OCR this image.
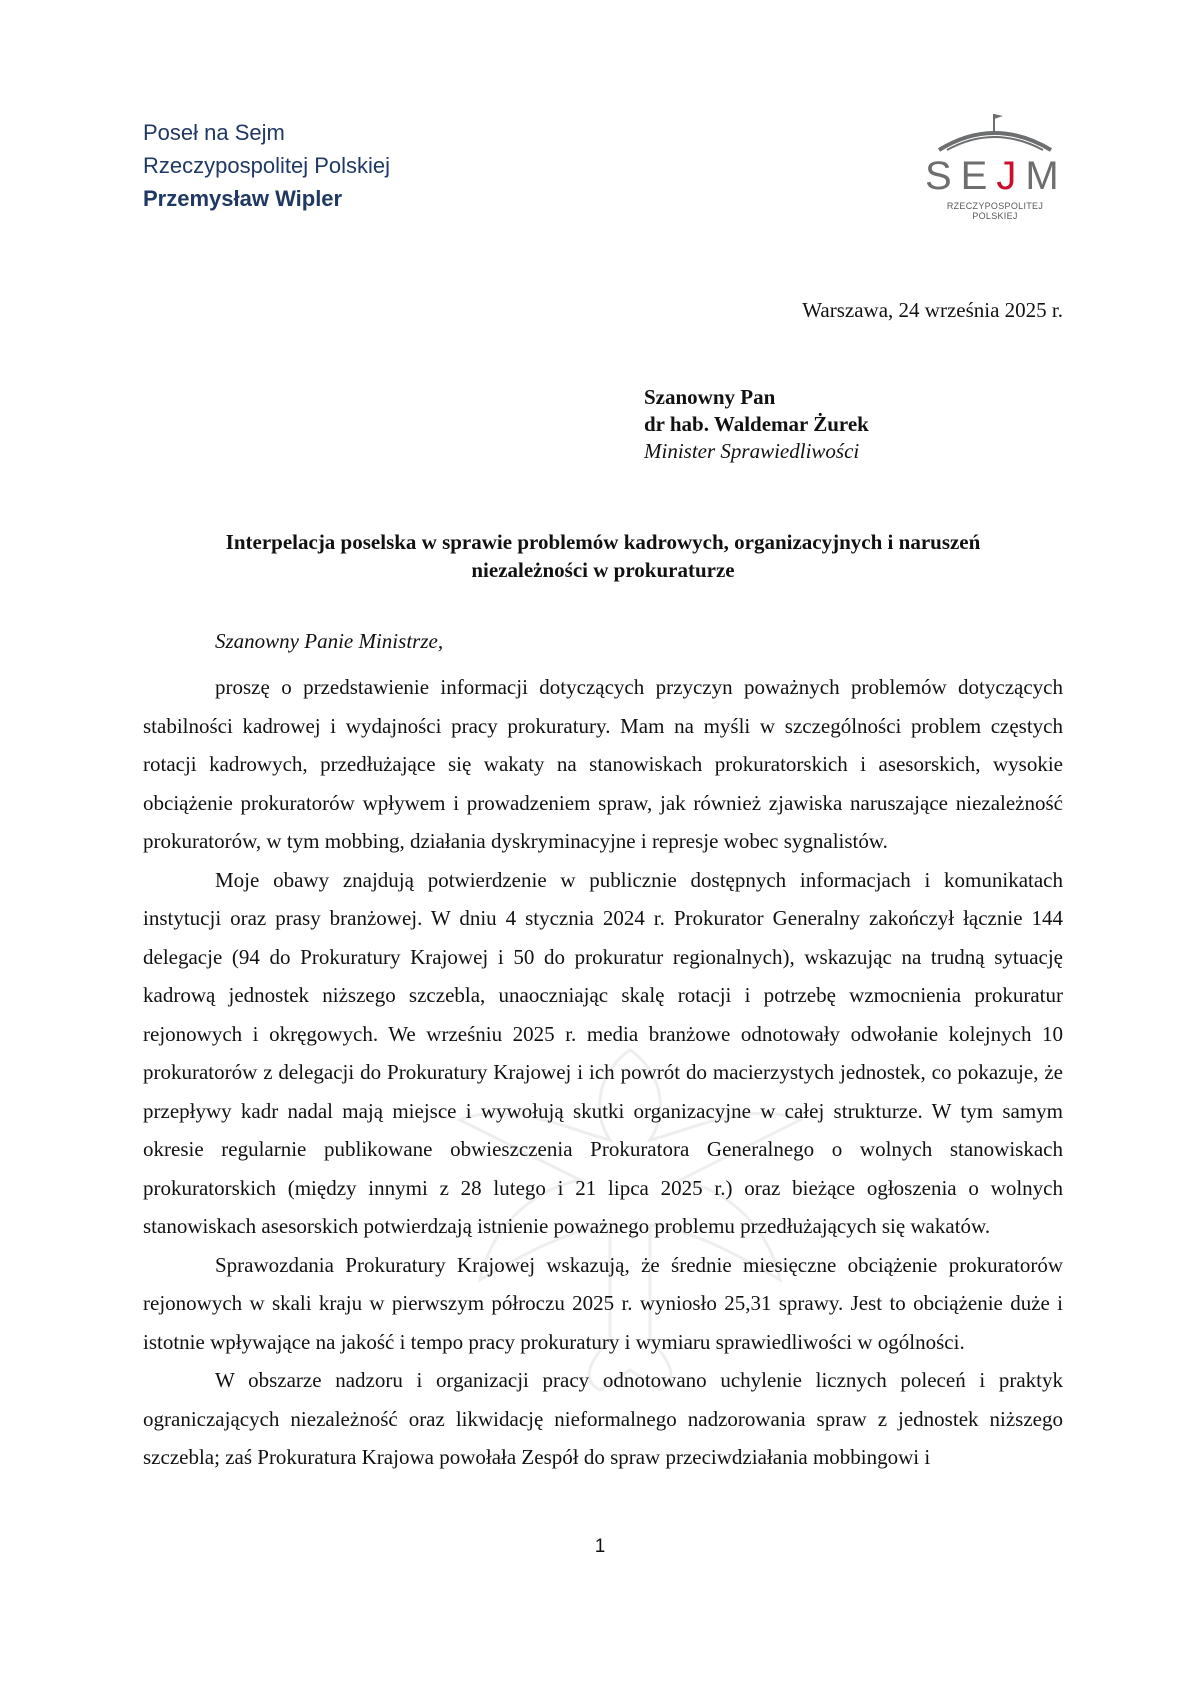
Poseł na Sejm
Rzeczypospolitej Polskiej
Przemysław Wipler
SEJM
RZECZYPOSPOLITEJ POLSKIEJ
Warszawa, 24 września 2025 r.
Szanowny Pan
dr hab. Waldemar Żurek
Minister Sprawiedliwości
Interpelacja poselska w sprawie problemów kadrowych, organizacyjnych i naruszeń
niezależności w prokuraturze
Szanowny Panie Ministrze,

proszę o przedstawienie informacji dotyczących przyczyn poważnych problemów dotyczących stabilności kadrowej i wydajności pracy prokuratury. Mam na myśli w szczególności problem częstych rotacji kadrowych, przedłużające się wakaty na stanowiskach prokuratorskich i asesorskich, wysokie obciążenie prokuratorów wpływem i prowadzeniem spraw, jak również zjawiska naruszające niezależność prokuratorów, w tym mobbing, działania dyskryminacyjne i represje wobec sygnalistów.

Moje obawy znajdują potwierdzenie w publicznie dostępnych informacjach i komunikatach instytucji oraz prasy branżowej. W dniu 4 stycznia 2024 r. Prokurator Generalny zakończył łącznie 144 delegacje (94 do Prokuratury Krajowej i 50 do prokuratur regionalnych), wskazując na trudną sytuację kadrową jednostek niższego szczebla, unaoczniając skalę rotacji i potrzebę wzmocnienia prokuratur rejonowych i okręgowych. We wrześniu 2025 r. media branżowe odnotowały odwołanie kolejnych 10 prokuratorów z delegacji do Prokuratury Krajowej i ich powrót do macierzystych jednostek, co pokazuje, że przepływy kadr nadal mają miejsce i wywołują skutki organizacyjne w całej strukturze. W tym samym okresie regularnie publikowane obwieszczenia Prokuratora Generalnego o wolnych stanowiskach prokuratorskich (między innymi z 28 lutego i 21 lipca 2025 r.) oraz bieżące ogłoszenia o wolnych stanowiskach asesorskich potwierdzają istnienie poważnego problemu przedłużających się wakatów.

Sprawozdania Prokuratury Krajowej wskazują, że średnie miesięczne obciążenie prokuratorów rejonowych w skali kraju w pierwszym półroczu 2025 r. wyniosło 25,31 sprawy. Jest to obciążenie duże i istotnie wpływające na jakość i tempo pracy prokuratury i wymiaru sprawiedliwości w ogólności.

W obszarze nadzoru i organizacji pracy odnotowano uchylenie licznych poleceń i praktyk ograniczających niezależność oraz likwidację nieformalnego nadzorowania spraw z jednostek niższego szczebla; zaś Prokuratura Krajowa powołała Zespół do spraw przeciwdziałania mobbingowi i

1
